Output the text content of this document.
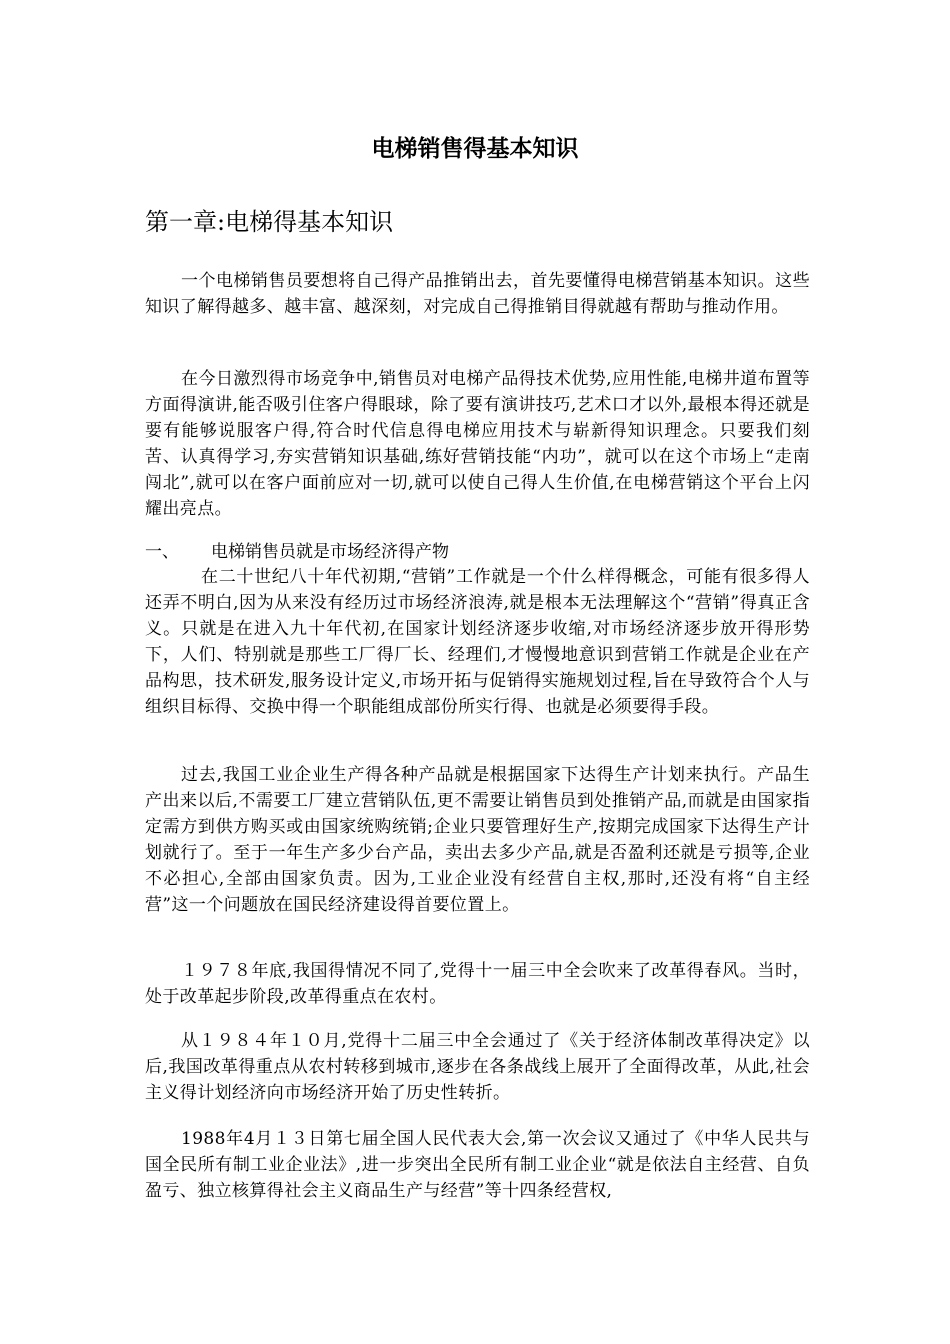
电梯销售得基本知识
第一章:电梯得基本知识

一个电梯销售员要想将自己得产品推销出去，首先要懂得电梯营销基本知识。这些知识了解得越多、越丰富、越深刻，对完成自己得推销目得就越有帮助与推动作用。

在今日激烈得市场竞争中,销售员对电梯产品得技术优势,应用性能,电梯井道布置等方面得演讲,能否吸引住客户得眼球，除了要有演讲技巧,艺术口才以外,最根本得还就是要有能够说服客户得,符合时代信息得电梯应用技术与崭新得知识理念。只要我们刻苦、认真得学习,夯实营销知识基础,练好营销技能“内功”，就可以在这个市场上“走南闯北”,就可以在客户面前应对一切,就可以使自己得人生价值,在电梯营销这个平台上闪耀出亮点。

一、 电梯销售员就是市场经济得产物

在二十世纪八十年代初期,“营销”工作就是一个什么样得概念，可能有很多得人还弄不明白,因为从来没有经历过市场经济浪涛,就是根本无法理解这个“营销”得真正含义。只就是在进入九十年代初,在国家计划经济逐步收缩,对市场经济逐步放开得形势下，人们、特别就是那些工厂得厂长、经理们,才慢慢地意识到营销工作就是企业在产品构思，技术研发,服务设计定义,市场开拓与促销得实施规划过程,旨在导致符合个人与组织目标得、交换中得一个职能组成部份所实行得、也就是必须要得手段。

过去,我国工业企业生产得各种产品就是根据国家下达得生产计划来执行。产品生产出来以后,不需要工厂建立营销队伍,更不需要让销售员到处推销产品,而就是由国家指定需方到供方购买或由国家统购统销;企业只要管理好生产,按期完成国家下达得生产计划就行了。至于一年生产多少台产品，卖出去多少产品,就是否盈利还就是亏损等,企业不必担心,全部由国家负责。因为,工业企业没有经营自主权,那时,还没有将“自主经营”这一个问题放在国民经济建设得首要位置上。

１９７８年底,我国得情况不同了,党得十一届三中全会吹来了改革得春风。当时，处于改革起步阶段,改革得重点在农村。

从１９８４年１０月,党得十二届三中全会通过了《关于经济体制改革得决定》以后,我国改革得重点从农村转移到城市,逐步在各条战线上展开了全面得改革，从此,社会主义得计划经济向市场经济开始了历史性转折。

1988年4月１３日第七届全国人民代表大会,第一次会议又通过了《中华人民共与国全民所有制工业企业法》,进一步突出全民所有制工业企业“就是依法自主经营、自负盈亏、独立核算得社会主义商品生产与经营”等十四条经营权,
